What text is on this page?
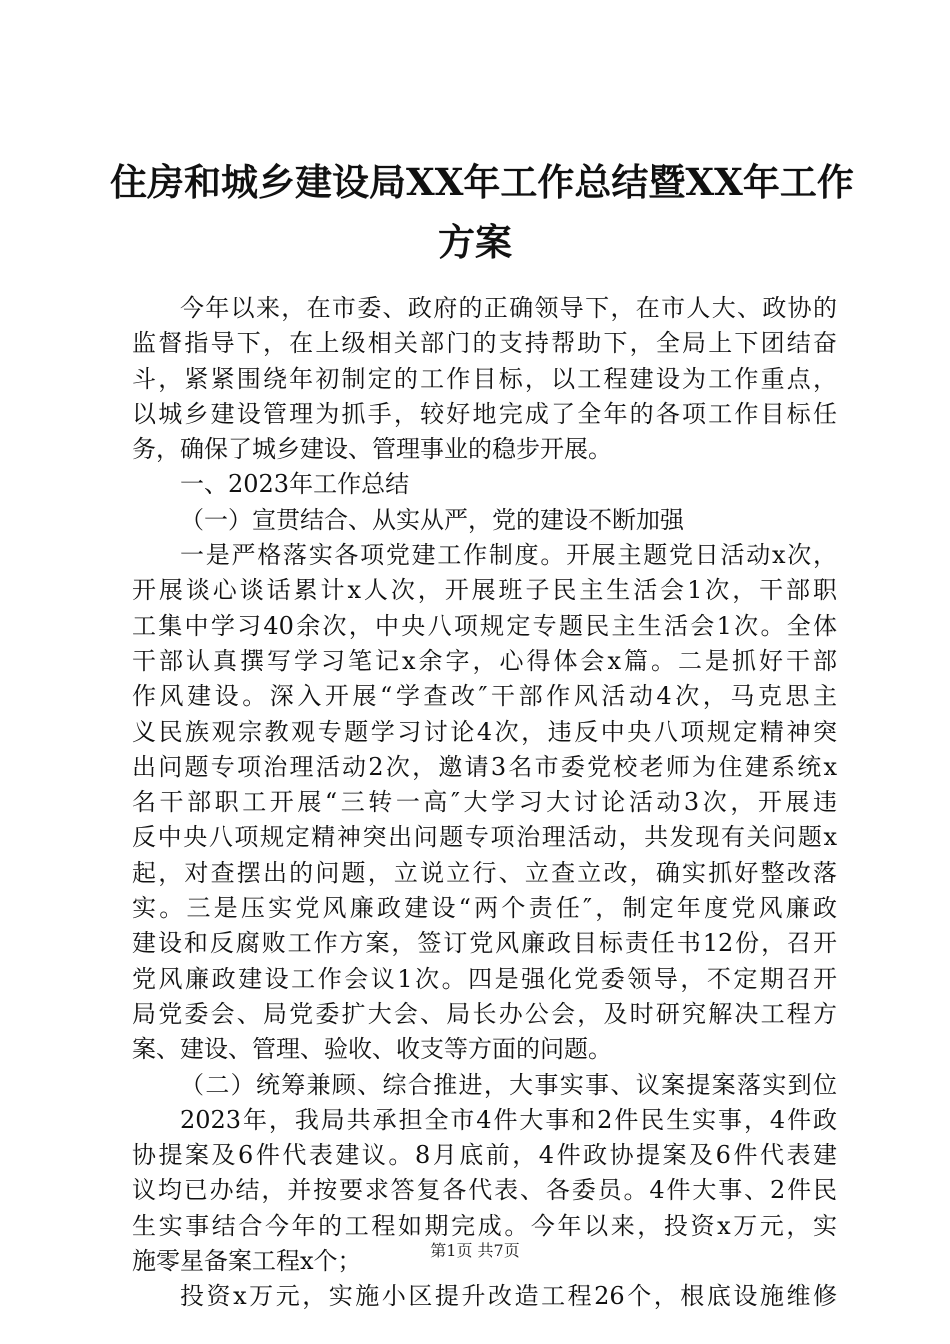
住房和城乡建设局XX年工作总结暨XX年工作
方案
今年以来，在市委、政府的正确领导下，在市人大、政协的
监督指导下，在上级相关部门的支持帮助下，全局上下团结奋
斗，紧紧围绕年初制定的工作目标，以工程建设为工作重点，
以城乡建设管理为抓手，较好地完成了全年的各项工作目标任
务，确保了城乡建设、管理事业的稳步开展。
一、2023年工作总结
（一）宣贯结合、从实从严，党的建设不断加强
一是严格落实各项党建工作制度。开展主题党日活动x次，
开展谈心谈话累计x人次，开展班子民主生活会1次，干部职
工集中学习40余次，中央八项规定专题民主生活会1次。全体
干部认真撰写学习笔记x余字，心得体会x篇。二是抓好干部
作风建设。深入开展“学查改″干部作风活动4次，马克思主
义民族观宗教观专题学习讨论4次，违反中央八项规定精神突
出问题专项治理活动2次，邀请3名市委党校老师为住建系统x
名干部职工开展“三转一高″大学习大讨论活动3次，开展违
反中央八项规定精神突出问题专项治理活动，共发现有关问题x
起，对查摆出的问题，立说立行、立查立改，确实抓好整改落
实。三是压实党风廉政建设“两个责任″，制定年度党风廉政
建设和反腐败工作方案，签订党风廉政目标责任书12份，召开
党风廉政建设工作会议1次。四是强化党委领导，不定期召开
局党委会、局党委扩大会、局长办公会，及时研究解决工程方
案、建设、管理、验收、收支等方面的问题。
（二）统筹兼顾、综合推进，大事实事、议案提案落实到位
2023年，我局共承担全市4件大事和2件民生实事，4件政
协提案及6件代表建议。8月底前，4件政协提案及6件代表建
议均已办结，并按要求答复各代表、各委员。4件大事、2件民
生实事结合今年的工程如期完成。今年以来，投资x万元，实
施零星备案工程x个；
投资x万元，实施小区提升改造工程26个，根底设施维修
第1页 共7页
